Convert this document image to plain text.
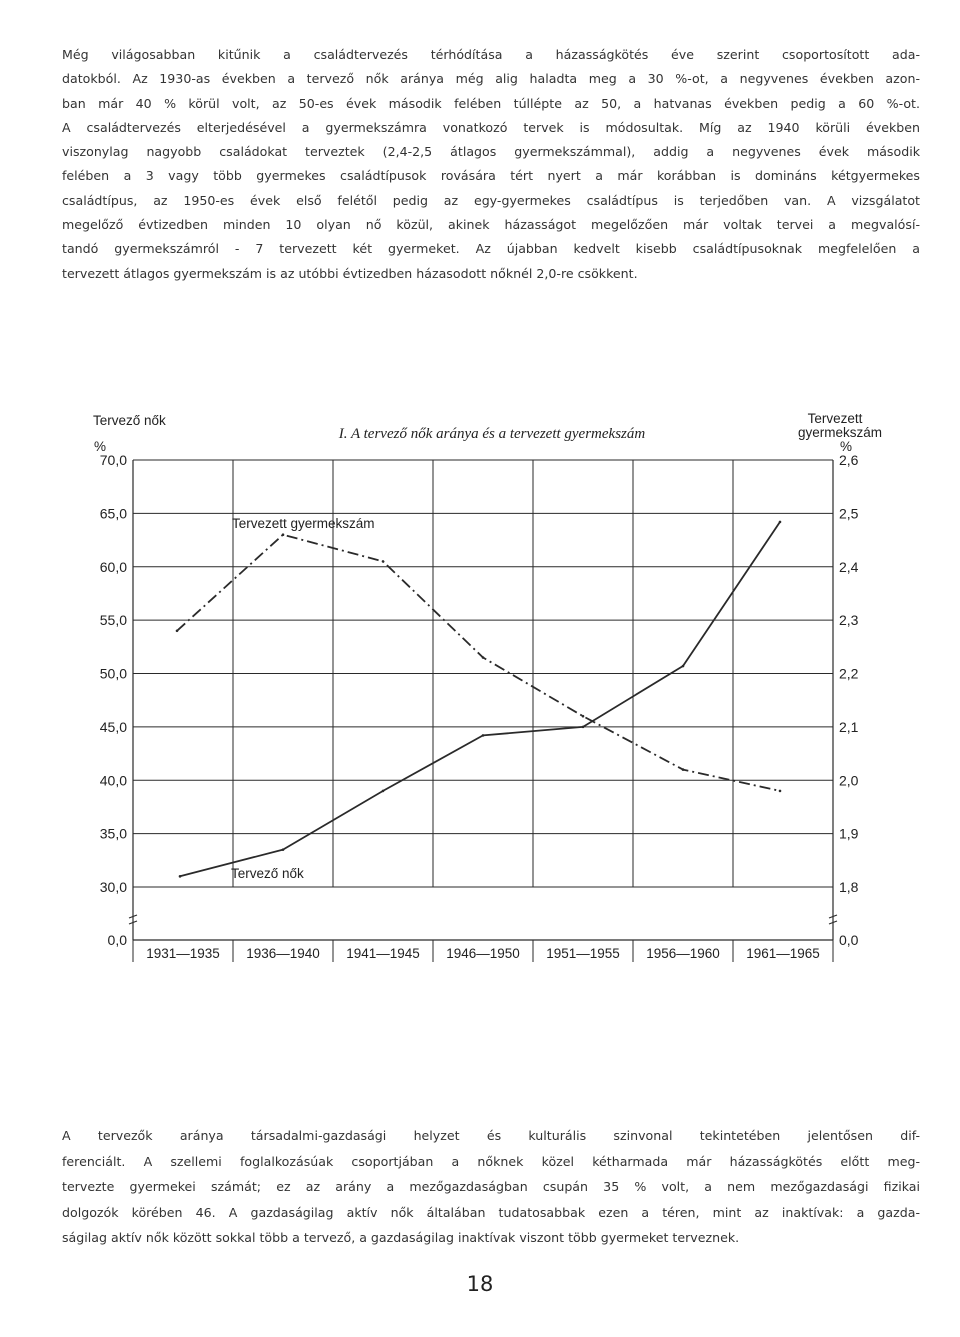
Még világosabban kitűnik a családtervezés térhódítása a házasságkötés éve szerint csoportosított ada-
datokból. Az 1930-as években a tervező nők aránya még alig haladta meg a 30 %-ot, a negyvenes években azon-
ban már 40 % körül volt, az 50-es évek második felében túllépte az 50, a hatvanas években pedig a 60 %-ot.
A családtervezés elterjedésével a gyermekszámra vonatkozó tervek is módosultak. Míg az 1940 körüli években
viszonylag nagyobb családokat terveztek (2,4-2,5 átlagos gyermekszámmal), addig a negyvenes évek második
felében a 3 vagy több gyermekes családtípusok rovására tért nyert a már korábban is domináns kétgyermekes
családtípus, az 1950-es évek első felétől pedig az egy-gyermekes családtípus is terjedőben van. A vizsgálatot
megelőző évtizedben minden 10 olyan nő közül, akinek házasságot megelőzően már voltak tervei a megvalósí-
tandó gyermekszámról - 7 tervezett két gyermeket. Az újabban kedvelt kisebb családtípusoknak megfelelően a
tervezett átlagos gyermekszám is az utóbbi évtizedben házasodott nőknél 2,0-re csökkent.
30,0	1,8
35,0	1,9
40,0	2,0
45,0	2,1
50,0	2,2
55,0	2,3
60,0	2,4
65,0	2,5
70,0	2,6
0,0	0,0
1931—1935 1936—1940 1941—1945 1946—1950 1951—1955 1956—1960 1961—1965
I. A tervező nők aránya és a tervezett gyermekszám
Tervező nők
%
Tervezett
gyermekszám
%
Tervezett gyermekszám
Tervező nők
A tervezők aránya társadalmi-gazdasági helyzet és kulturális szinvonal tekintetében jelentősen dif-
ferenciált. A szellemi foglalkozásúak csoportjában a nőknek közel kétharmada már házasságkötés előtt meg-
tervezte gyermekei számát; ez az arány a mezőgazdaságban csupán 35 % volt, a nem mezőgazdasági fizikai
dolgozók körében 46. A gazdaságilag aktív nők általában tudatosabbak ezen a téren, mint az inaktívak: a gazda-
ságilag aktív nők között sokkal több a tervező, a gazdaságilag inaktívak viszont több gyermeket terveznek.
18
